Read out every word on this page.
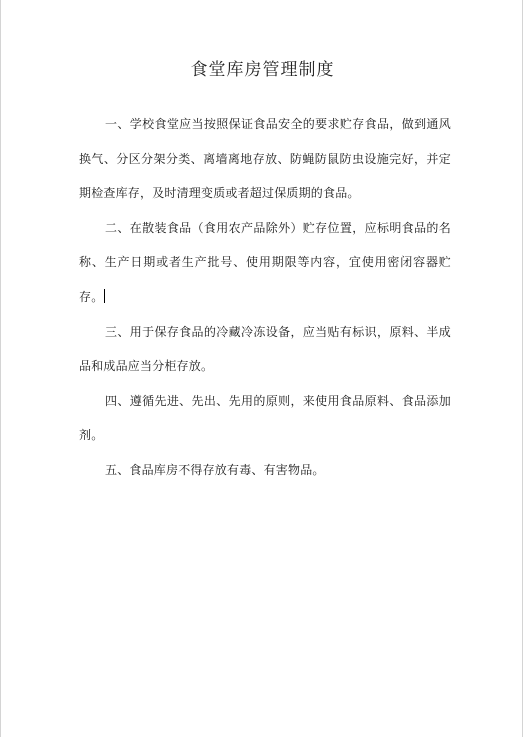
食堂库房管理制度

一、学校食堂应当按照保证食品安全的要求贮存食品，做到通风换气、分区分架分类、离墙离地存放、防蝇防鼠防虫设施完好，并定期检查库存，及时清理变质或者超过保质期的食品。

二、在散装食品（食用农产品除外）贮存位置，应标明食品的名称、生产日期或者生产批号、使用期限等内容，宜使用密闭容器贮存。

三、用于保存食品的冷藏冷冻设备，应当贴有标识，原料、半成品和成品应当分柜存放。

四、遵循先进、先出、先用的原则，来使用食品原料、食品添加剂。

五、食品库房不得存放有毒、有害物品。
